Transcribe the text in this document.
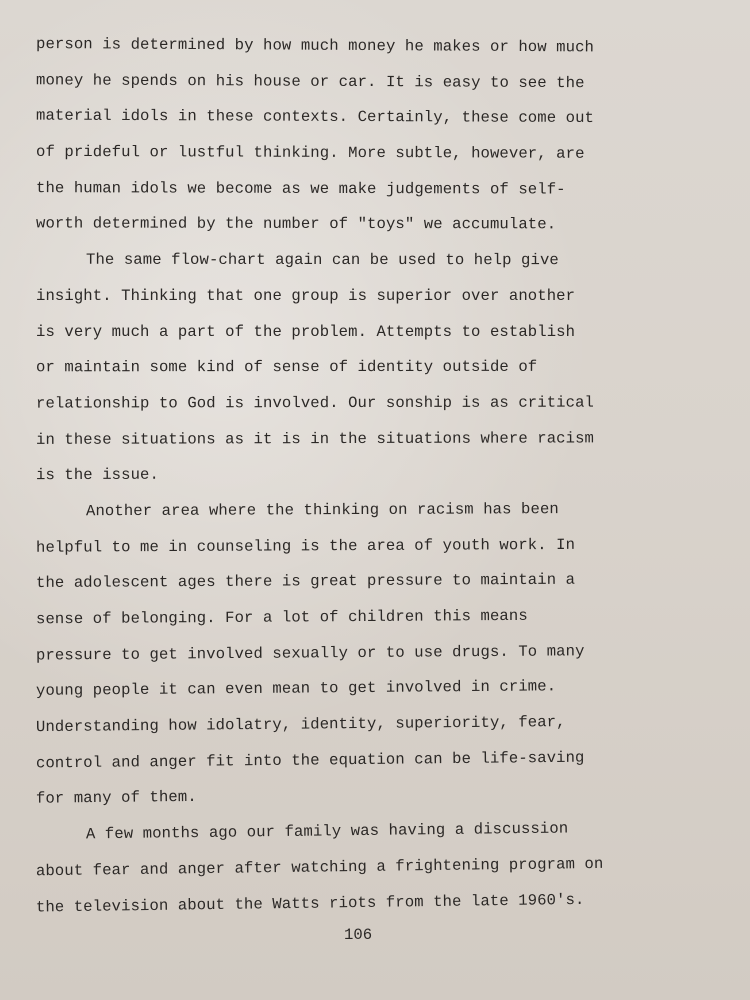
person is determined by how much money he makes or how much
money he spends on his house or car. It is easy to see the
material idols in these contexts. Certainly, these come out
of prideful or lustful thinking. More subtle, however, are
the human idols we become as we make judgements of self-
worth determined by the number of "toys" we accumulate.
The same flow-chart again can be used to help give
insight. Thinking that one group is superior over another
is very much a part of the problem. Attempts to establish
or maintain some kind of sense of identity outside of
relationship to God is involved. Our sonship is as critical
in these situations as it is in the situations where racism
is the issue.
Another area where the thinking on racism has been
helpful to me in counseling is the area of youth work. In
the adolescent ages there is great pressure to maintain a
sense of belonging. For a lot of children this means
pressure to get involved sexually or to use drugs. To many
young people it can even mean to get involved in crime.
Understanding how idolatry, identity, superiority, fear,
control and anger fit into the equation can be life-saving
for many of them.
A few months ago our family was having a discussion
about fear and anger after watching a frightening program on
the television about the Watts riots from the late 1960's.
106
